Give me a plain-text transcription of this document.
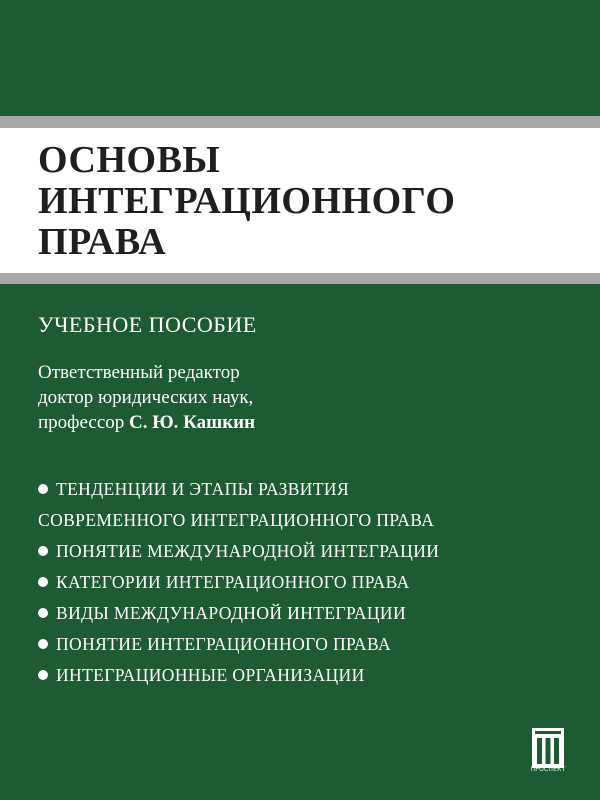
ОСНОВЫ
ИНТЕГРАЦИОННОГО
ПРАВА
УЧЕБНОЕ ПОСОБИЕ
Ответственный редактор
доктор юридических наук,
профессор С. Ю. Кашкин
ТЕНДЕНЦИИ И ЭТАПЫ РАЗВИТИЯ
СОВРЕМЕННОГО ИНТЕГРАЦИОННОГО ПРАВА
ПОНЯТИЕ МЕЖДУНАРОДНОЙ ИНТЕГРАЦИИ
КАТЕГОРИИ ИНТЕГРАЦИОННОГО ПРАВА
ВИДЫ МЕЖДУНАРОДНОЙ ИНТЕГРАЦИИ
ПОНЯТИЕ ИНТЕГРАЦИОННОГО ПРАВА
ИНТЕГРАЦИОННЫЕ ОРГАНИЗАЦИИ
ПРОСПЕКТ
